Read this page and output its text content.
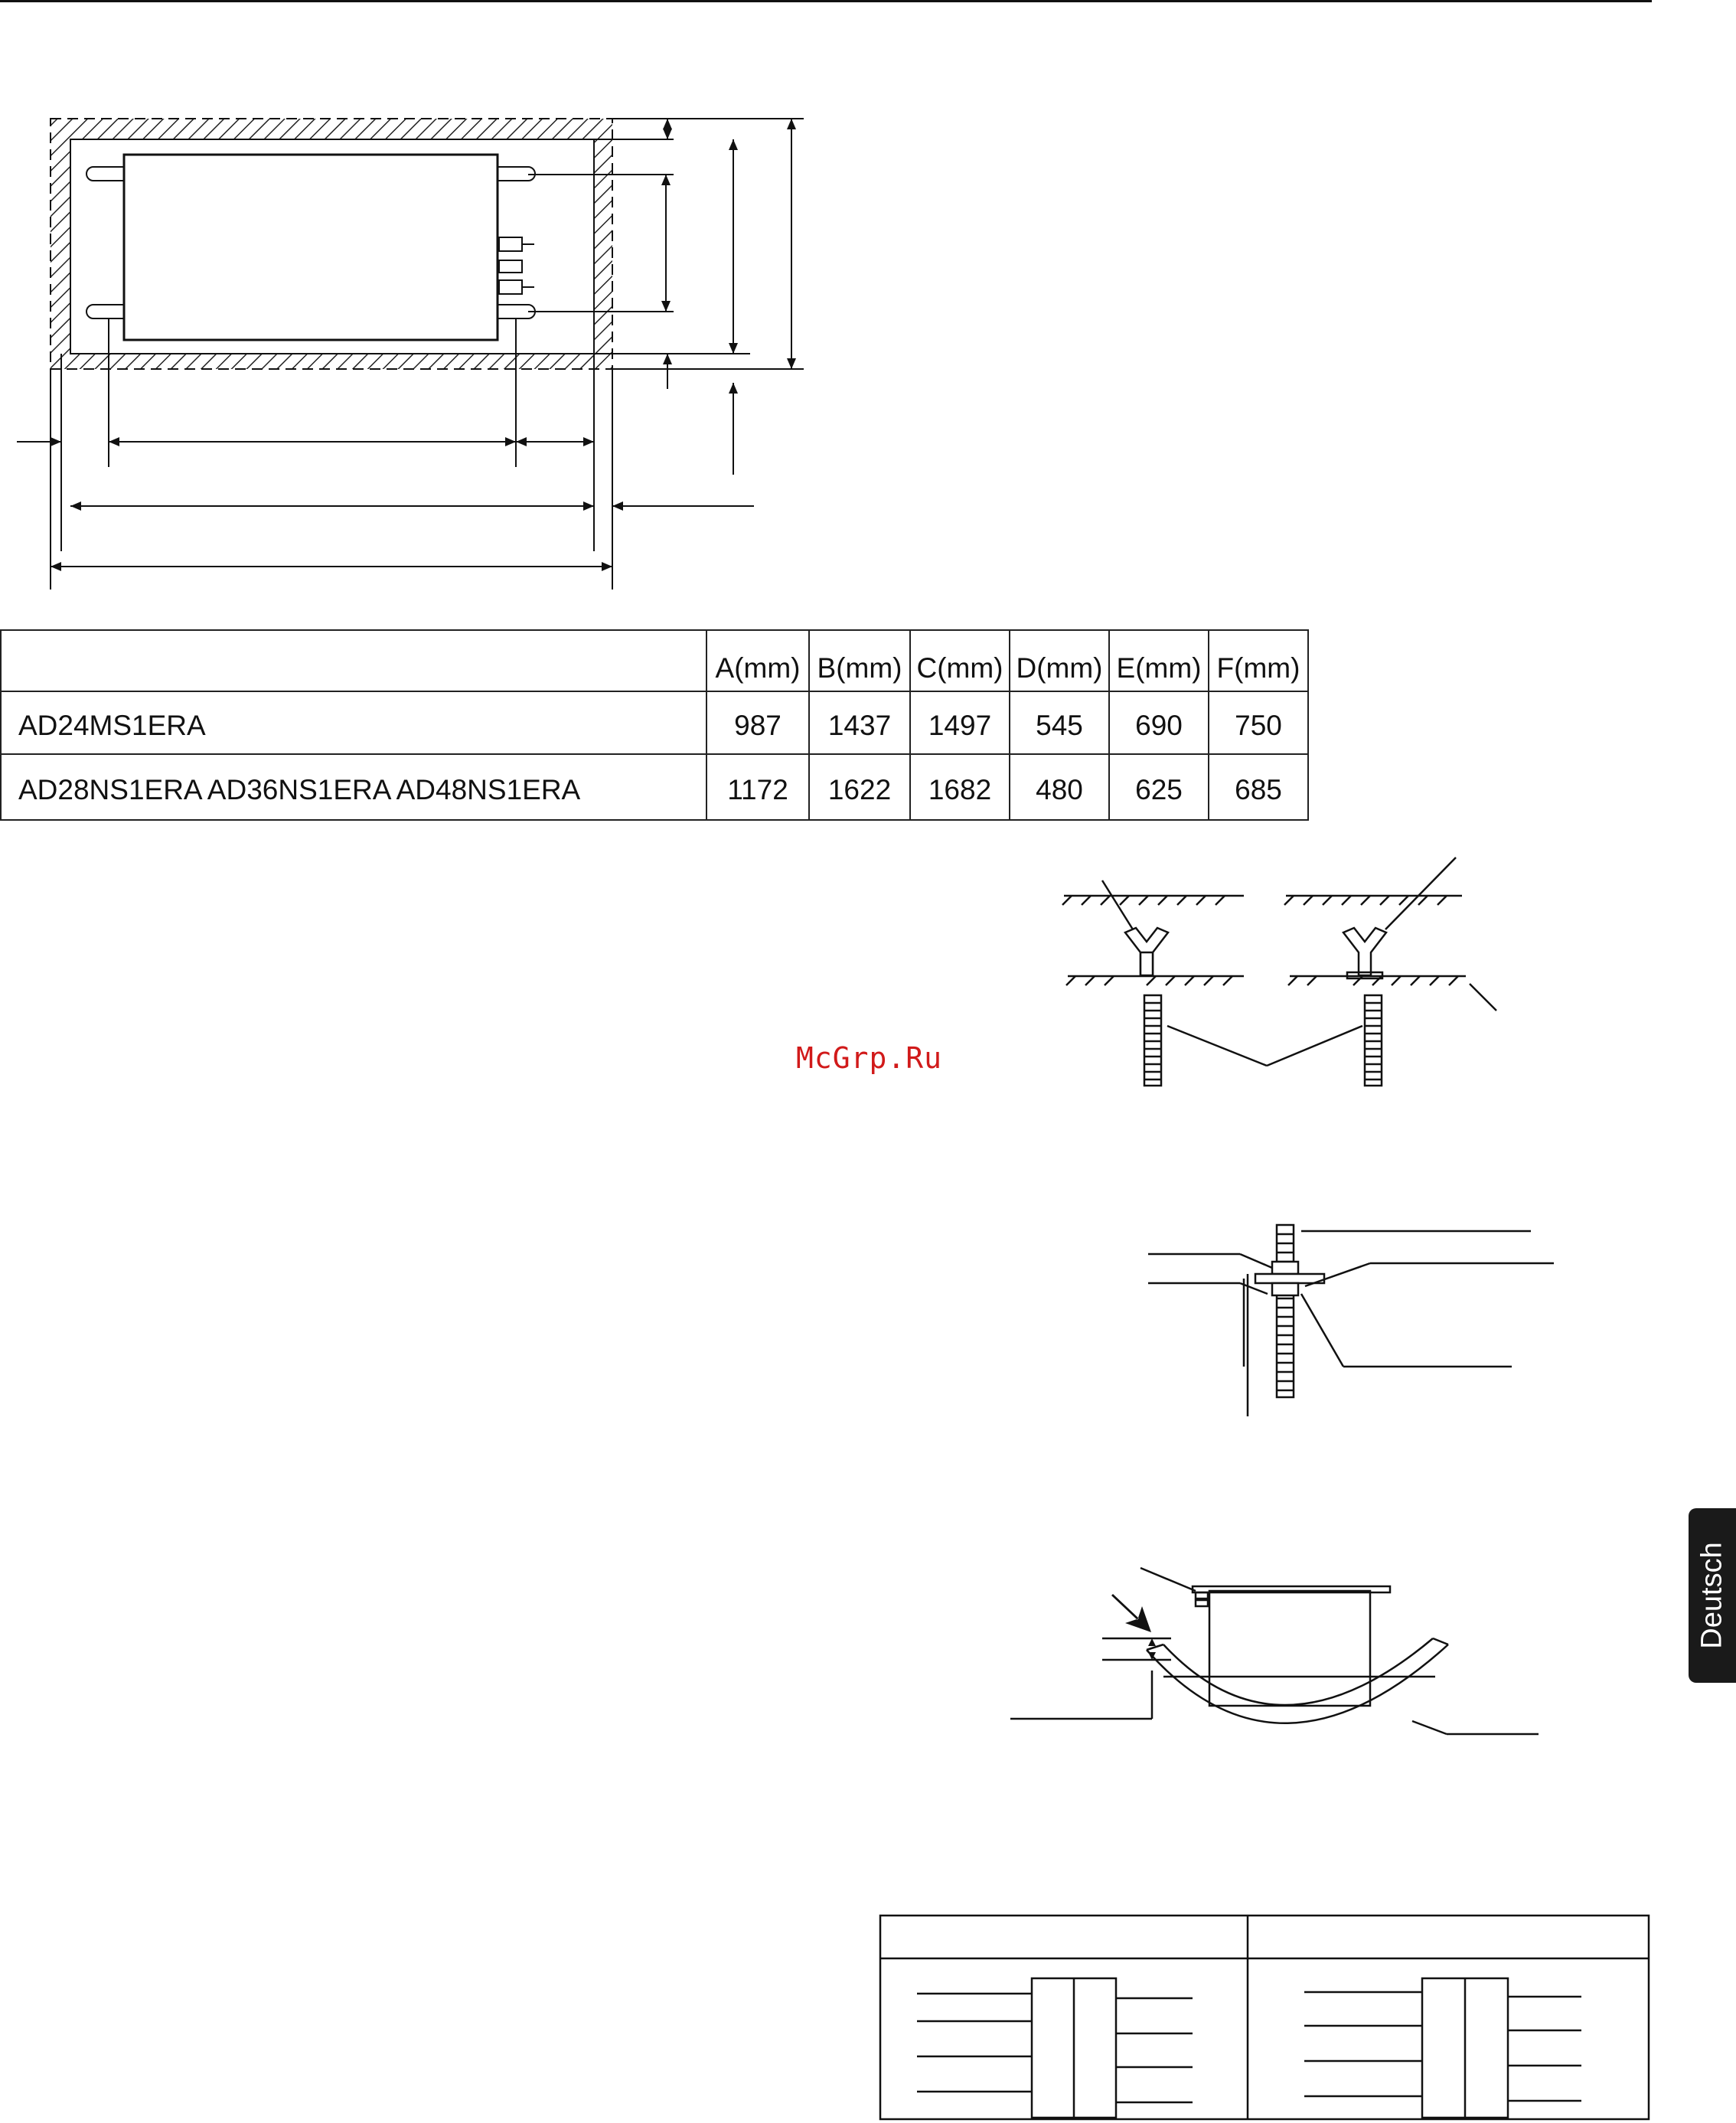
	A(mm)	B(mm)	C(mm)	D(mm)	E(mm)	F(mm)
AD24MS1ERA	987	1437	1497	545	690	750
AD28NS1ERA AD36NS1ERA AD48NS1ERA	1172	1622	1682	480	625	685
McGrp.Ru
Deutsch
